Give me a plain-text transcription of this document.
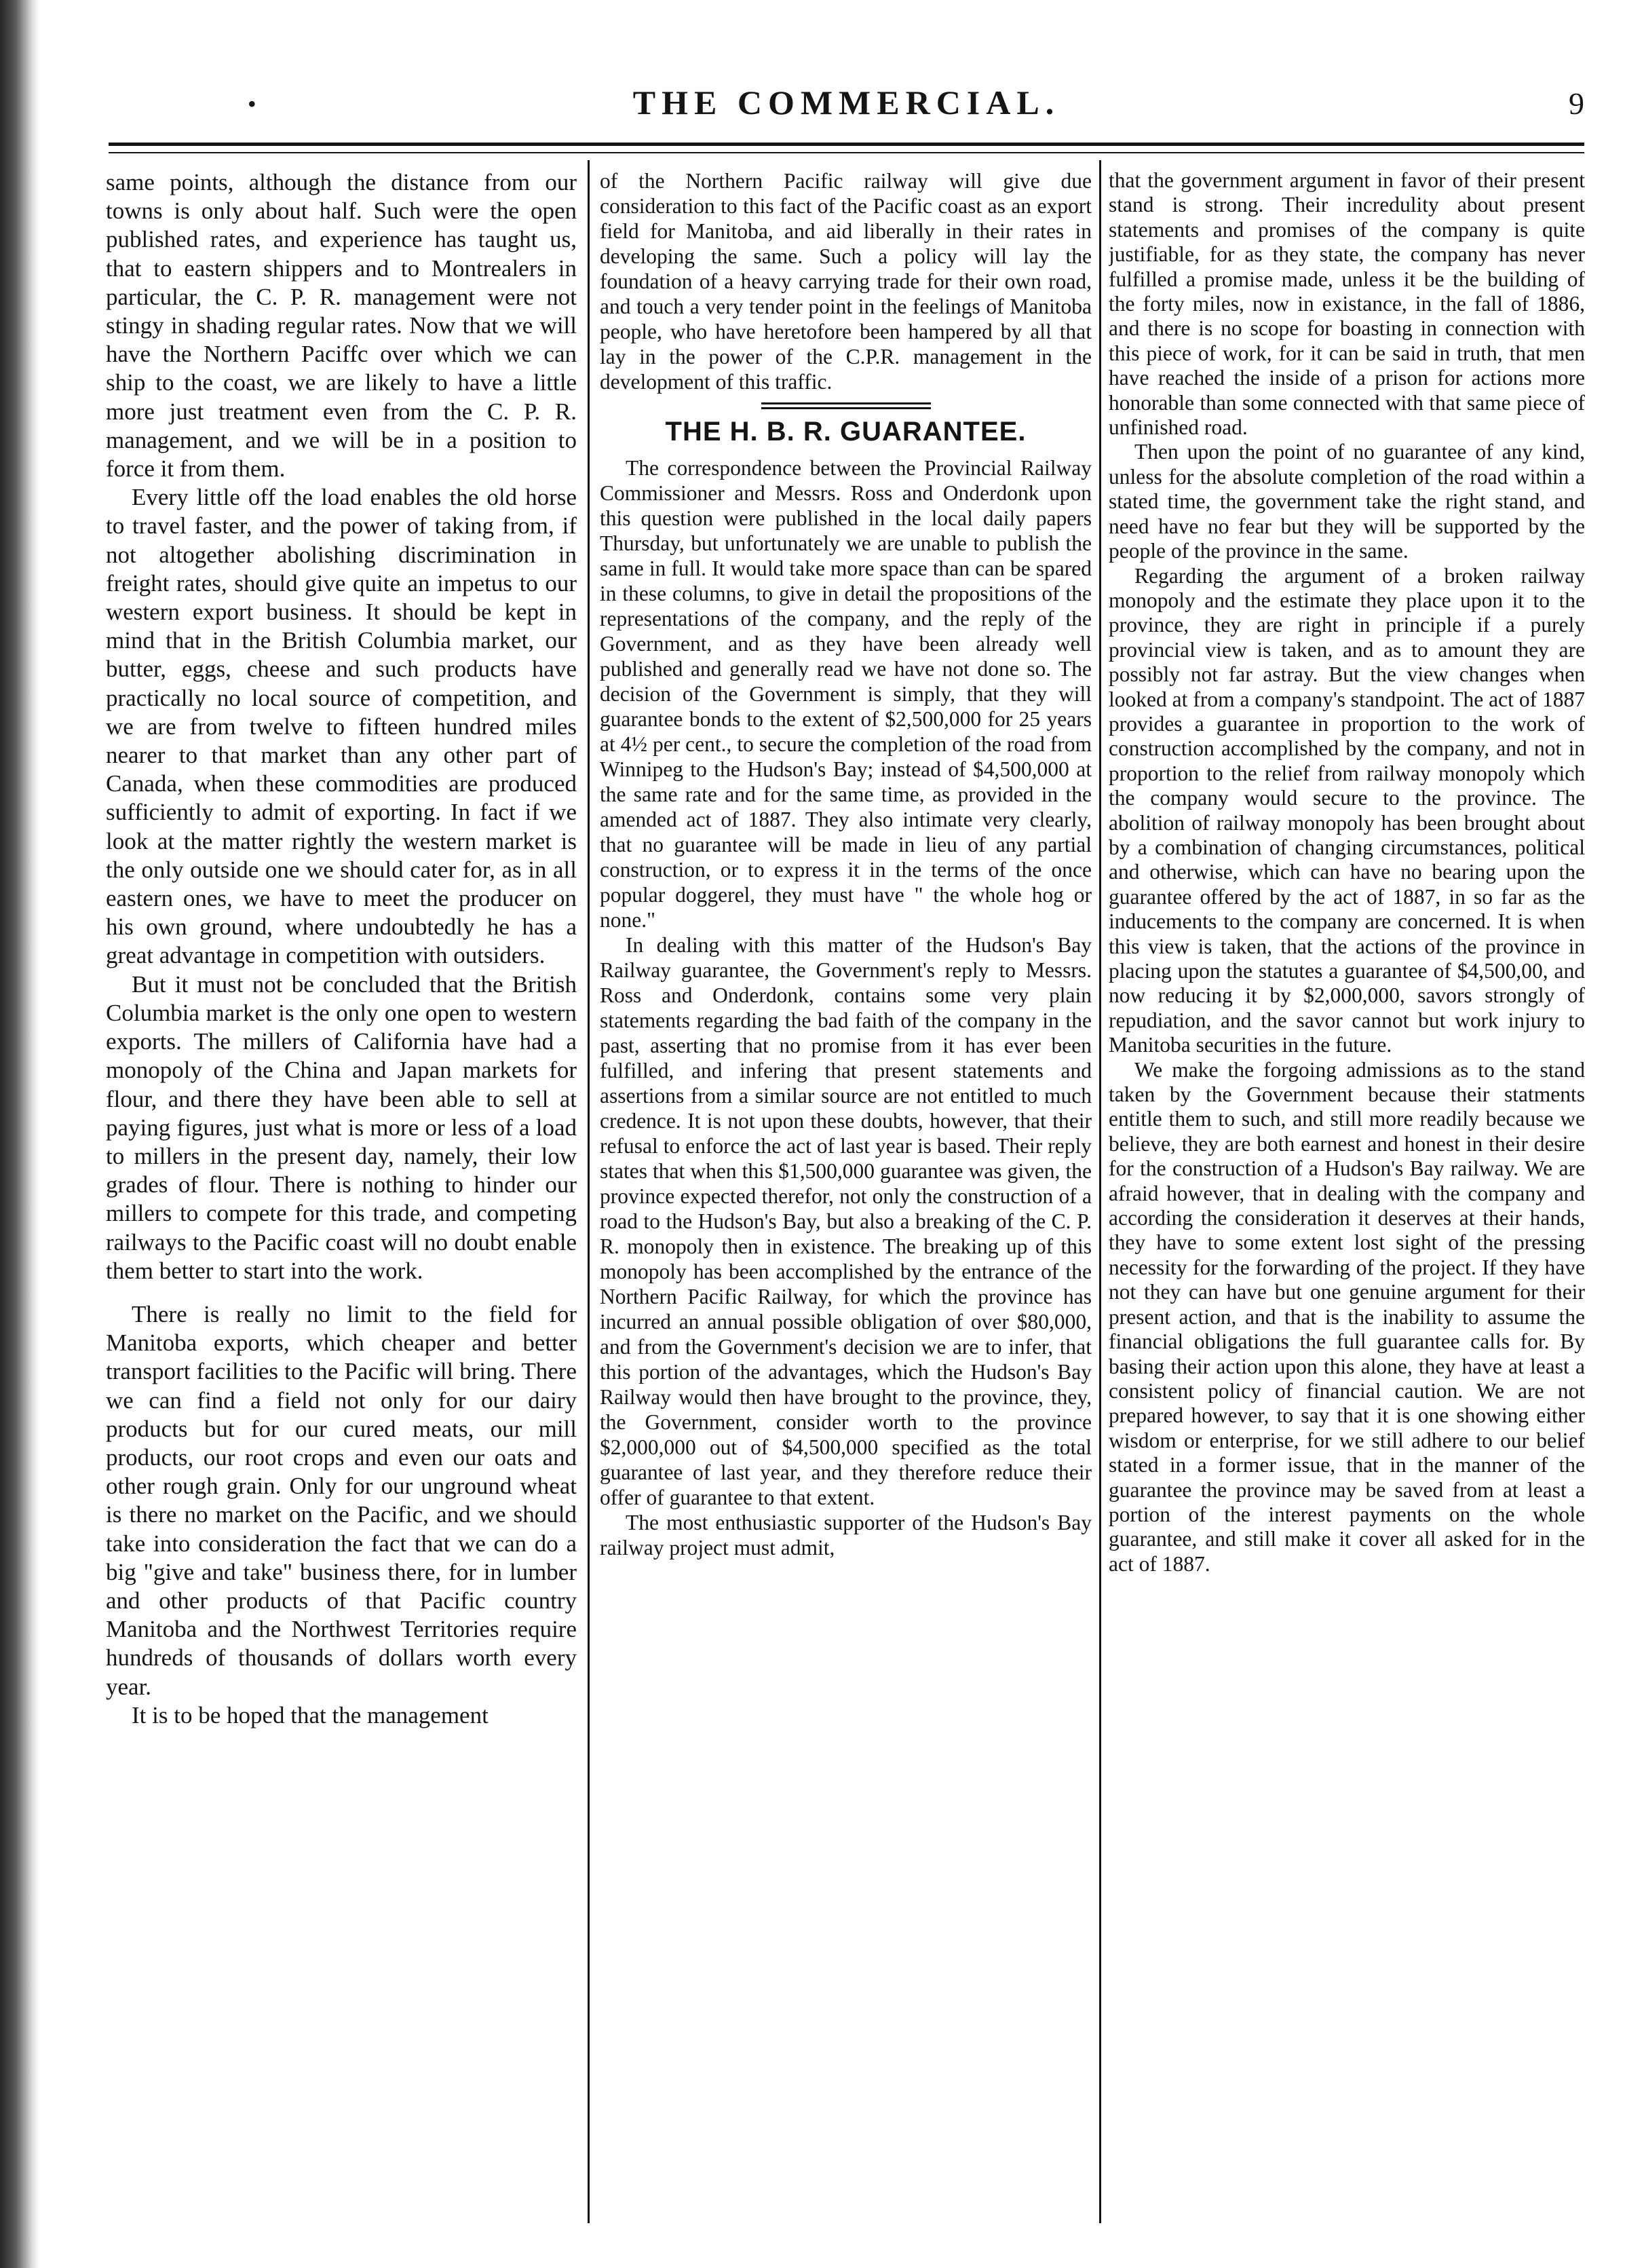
•	THE COMMERCIAL.	9

same points, although the distance from our towns is only about half. Such were the open published rates, and experience has taught us, that to eastern shippers and to Montrealers in particular, the C. P. R. management were not stingy in shading regular rates. Now that we will have the Northern Paciffc over which we can ship to the coast, we are likely to have a little more just treatment even from the C. P. R. management, and we will be in a position to force it from them.

Every little off the load enables the old horse to travel faster, and the power of taking from, if not altogether abolishing discrimination in freight rates, should give quite an impetus to our western export business. It should be kept in mind that in the British Columbia market, our butter, eggs, cheese and such products have practically no local source of competition, and we are from twelve to fifteen hundred miles nearer to that market than any other part of Canada, when these commodities are produced sufficiently to admit of exporting. In fact if we look at the matter rightly the western market is the only outside one we should cater for, as in all eastern ones, we have to meet the producer on his own ground, where undoubtedly he has a great advantage in competition with outsiders.

But it must not be concluded that the British Columbia market is the only one open to western exports. The millers of California have had a monopoly of the China and Japan markets for flour, and there they have been able to sell at paying figures, just what is more or less of a load to millers in the present day, namely, their low grades of flour. There is nothing to hinder our millers to compete for this trade, and competing railways to the Pacific coast will no doubt enable them better to start into the work.

There is really no limit to the field for Manitoba exports, which cheaper and better transport facilities to the Pacific will bring. There we can find a field not only for our dairy products but for our cured meats, our mill products, our root crops and even our oats and other rough grain. Only for our unground wheat is there no market on the Pacific, and we should take into consideration the fact that we can do a big "give and take" business there, for in lumber and other products of that Pacific country Manitoba and the Northwest Territories require hundreds of thousands of dollars worth every year.

It is to be hoped that the management

of the Northern Pacific railway will give due consideration to this fact of the Pacific coast as an export field for Manitoba, and aid liberally in their rates in developing the same. Such a policy will lay the foundation of a heavy carrying trade for their own road, and touch a very tender point in the feelings of Manitoba people, who have heretofore been hampered by all that lay in the power of the C.P.R. management in the development of this traffic.

THE H. B. R. GUARANTEE.

The correspondence between the Provincial Railway Commissioner and Messrs. Ross and Onderdonk upon this question were published in the local daily papers Thursday, but unfortunately we are unable to publish the same in full. It would take more space than can be spared in these columns, to give in detail the propositions of the representations of the company, and the reply of the Government, and as they have been already well published and generally read we have not done so. The decision of the Government is simply, that they will guarantee bonds to the extent of $2,500,000 for 25 years at 4½ per cent., to secure the completion of the road from Winnipeg to the Hudson's Bay; instead of $4,500,000 at the same rate and for the same time, as provided in the amended act of 1887. They also intimate very clearly, that no guarantee will be made in lieu of any partial construction, or to express it in the terms of the once popular doggerel, they must have " the whole hog or none."

In dealing with this matter of the Hudson's Bay Railway guarantee, the Government's reply to Messrs. Ross and Onderdonk, contains some very plain statements regarding the bad faith of the company in the past, asserting that no promise from it has ever been fulfilled, and infering that present statements and assertions from a similar source are not entitled to much credence. It is not upon these doubts, however, that their refusal to enforce the act of last year is based. Their reply states that when this $1,500,000 guarantee was given, the province expected therefor, not only the construction of a road to the Hudson's Bay, but also a breaking of the C. P. R. monopoly then in existence. The breaking up of this monopoly has been accomplished by the entrance of the Northern Pacific Railway, for which the province has incurred an annual possible obligation of over $80,000, and from the Government's decision we are to infer, that this portion of the advantages, which the Hudson's Bay Railway would then have brought to the province, they, the Government, consider worth to the province $2,000,000 out of $4,500,000 specified as the total guarantee of last year, and they therefore reduce their offer of guarantee to that extent.

The most enthusiastic supporter of the Hudson's Bay railway project must admit,

that the government argument in favor of their present stand is strong. Their incredulity about present statements and promises of the company is quite justifiable, for as they state, the company has never fulfilled a promise made, unless it be the building of the forty miles, now in existance, in the fall of 1886, and there is no scope for boasting in connection with this piece of work, for it can be said in truth, that men have reached the inside of a prison for actions more honorable than some connected with that same piece of unfinished road.

Then upon the point of no guarantee of any kind, unless for the absolute completion of the road within a stated time, the government take the right stand, and need have no fear but they will be supported by the people of the province in the same.

Regarding the argument of a broken railway monopoly and the estimate they place upon it to the province, they are right in principle if a purely provincial view is taken, and as to amount they are possibly not far astray. But the view changes when looked at from a company's standpoint. The act of 1887 provides a guarantee in proportion to the work of construction accomplished by the company, and not in proportion to the relief from railway monopoly which the company would secure to the province. The abolition of railway monopoly has been brought about by a combination of changing circumstances, political and otherwise, which can have no bearing upon the guarantee offered by the act of 1887, in so far as the inducements to the company are concerned. It is when this view is taken, that the actions of the province in placing upon the statutes a guarantee of $4,500,00, and now reducing it by $2,000,000, savors strongly of repudiation, and the savor cannot but work injury to Manitoba securities in the future.

We make the forgoing admissions as to the stand taken by the Government because their statments entitle them to such, and still more readily because we believe, they are both earnest and honest in their desire for the construction of a Hudson's Bay railway. We are afraid however, that in dealing with the company and according the consideration it deserves at their hands, they have to some extent lost sight of the pressing necessity for the forwarding of the project. If they have not they can have but one genuine argument for their present action, and that is the inability to assume the financial obligations the full guarantee calls for. By basing their action upon this alone, they have at least a consistent policy of financial caution. We are not prepared however, to say that it is one showing either wisdom or enterprise, for we still adhere to our belief stated in a former issue, that in the manner of the guarantee the province may be saved from at least a portion of the interest payments on the whole guarantee, and still make it cover all asked for in the act of 1887.
